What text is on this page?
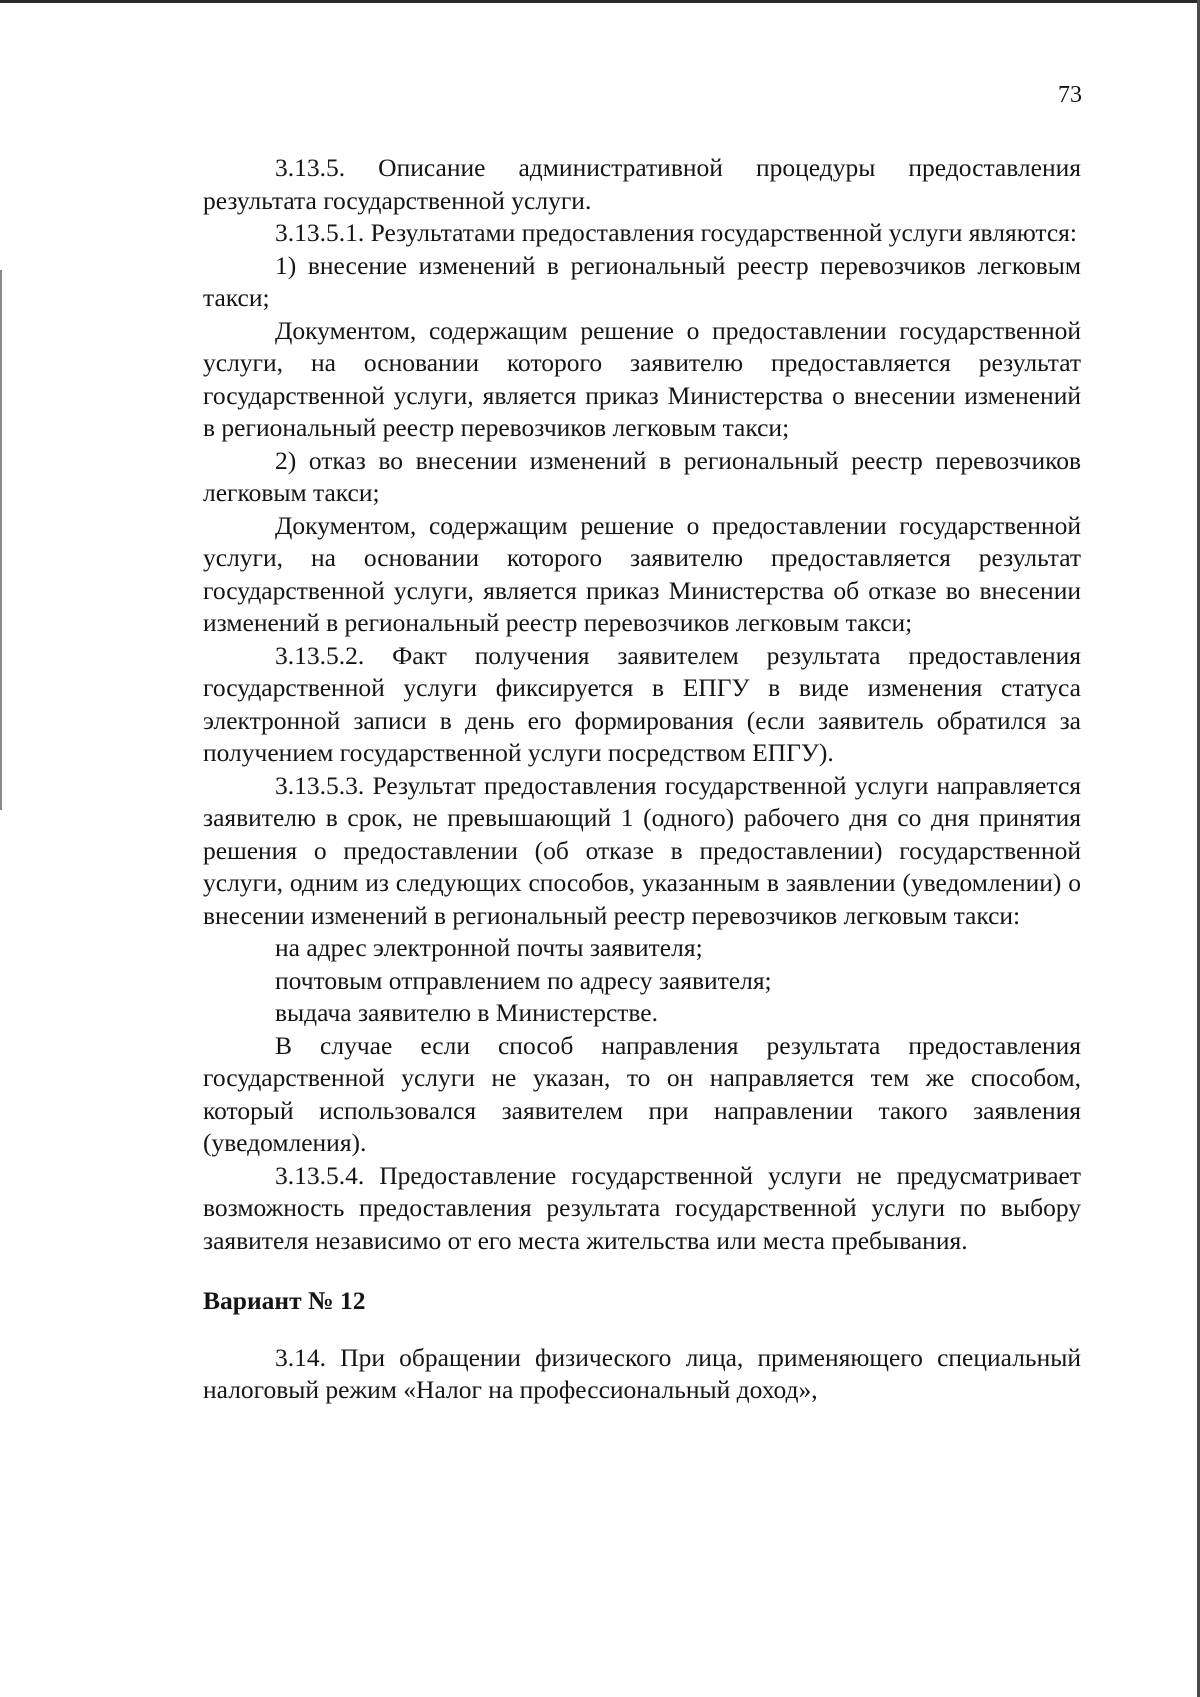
73

3.13.5. Описание административной процедуры предоставления результата государственной услуги.

3.13.5.1. Результатами предоставления государственной услуги являются:

1) внесение изменений в региональный реестр перевозчиков легковым такси;

Документом, содержащим решение о предоставлении государственной услуги, на основании которого заявителю предоставляется результат государственной услуги, является приказ Министерства о внесении изменений в региональный реестр перевозчиков легковым такси;

2) отказ во внесении изменений в региональный реестр перевозчиков легковым такси;

Документом, содержащим решение о предоставлении государственной услуги, на основании которого заявителю предоставляется результат государственной услуги, является приказ Министерства об отказе во внесении изменений в региональный реестр перевозчиков легковым такси;

3.13.5.2. Факт получения заявителем результата предоставления государственной услуги фиксируется в ЕПГУ в виде изменения статуса электронной записи в день его формирования (если заявитель обратился за получением государственной услуги посредством ЕПГУ).

3.13.5.3. Результат предоставления государственной услуги направляется заявителю в срок, не превышающий 1 (одного) рабочего дня со дня принятия решения о предоставлении (об отказе в предоставлении) государственной услуги, одним из следующих способов, указанным в заявлении (уведомлении) о внесении изменений в региональный реестр перевозчиков легковым такси:

на адрес электронной почты заявителя;

почтовым отправлением по адресу заявителя;

выдача заявителю в Министерстве.

В случае если способ направления результата предоставления государственной услуги не указан, то он направляется тем же способом, который использовался заявителем при направлении такого заявления (уведомления).

3.13.5.4. Предоставление государственной услуги не предусматривает возможность предоставления результата государственной услуги по выбору заявителя независимо от его места жительства или места пребывания.

Вариант № 12

3.14. При обращении физического лица, применяющего специальный налоговый режим «Налог на профессиональный доход»,
